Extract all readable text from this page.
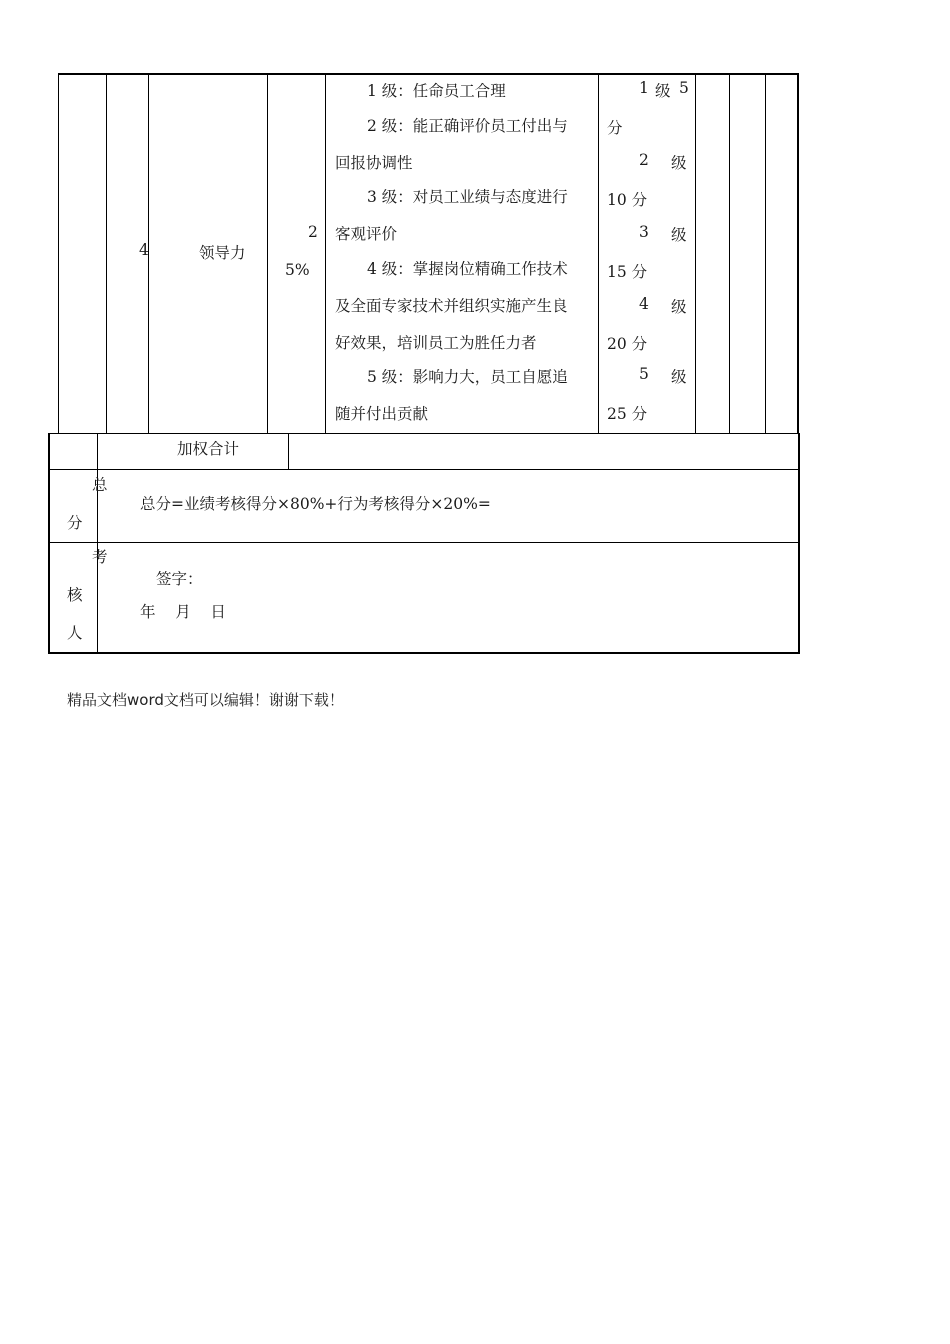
4	领导力
2
5%
1 级：任命员工合理
2 级：能正确评价员工付出与
回报协调性
3 级：对员工业绩与态度进行
客观评价
4 级：掌握岗位精确工作技术
及全面专家技术并组织实施产生良
好效果，培训员工为胜任力者
5 级：影响力大，员工自愿追
随并付出贡献
1 级 5
分
2 级
10 分
3 级
15 分
4 级
20 分
5 级
25 分
加权合计
总
分
总分=业绩考核得分×80%+行为考核得分×20%=
考
核
人
签字：
年    月    日
精品文档word文档可以编辑！谢谢下载！
